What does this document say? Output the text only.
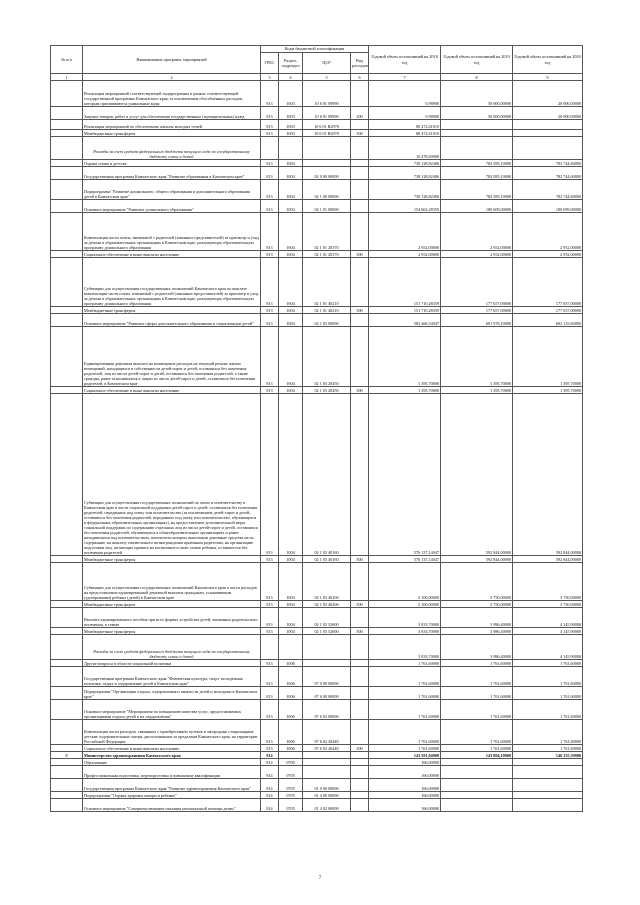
№ п/п	Наименование программ, мероприятий	Коды бюджетной классификации				Годовой объем ассигнований на 2018 год	Годовой объем ассигнований на 2019 год	Годовой объем ассигнований на 2020 год
		ГРБС	Раздел, подраздел	ЦСР	Вид расходов			
1	2	3	4	5	6	7	8	9
	Реализация мероприятий соответствующей подпрограммы в рамках соответствующей государственной программы Камчатского края, за исключением обособленных расходов, которым присваиваются уникальные коды	813	1003	10 6 01 09990		0,98900	50 000,00000	20 000,00000
	Закупка товаров, работ и услуг для обеспечения государственных (муниципальных) нужд	813	1003	10 6 01 09990	200	0,98900	50 000,00000	20 000,00000
	Реализация мероприятий по обеспечению жильем молодых семей	813	1003	10 6 01 R4970		88 472,61010		
	Межбюджетные трансферты	813	1003	10 6 01 R4970	500	88 472,61010		
	Расходы за счет средств федерального бюджета текущего года по государственному бюджету семьи и детей					16 478,60000		
	Охрана семьи и детства	813	1004			738 128,82406	782 585,10000	782 744,60000
	Государственная программа Камчатского края "Развитие образования в Камчатском крае"	813	1004	02 0 00 00000		738 128,82406	782 585,10000	782 744,60000
	Подпрограмма "Развитие дошкольного, общего образования и дополнительного образования детей в Камчатском крае"	813	1004	02 1 00 00000		738 128,82406	782 585,10000	782 744,60000
	Основное мероприятие "Развитие дошкольного образования"	813	1004	02 1 01 00000		154 662,28359	180 609,00000	180 699,00000
	Компенсация части платы, взимаемой с родителей (законных представителей) за присмотр и уход за детьми в образовательных организациях в Камчатском крае, реализующих образовательную программу дошкольного образования	813	1004	02 1 01 20370		2 952,00000	2 952,00000	2 952,00000
	Социальное обеспечение и иные выплаты населению	813	1004	02 1 01 20370	300	2 952,00000	2 952,00000	2 952,00000
	Субвенции для осуществления государственных полномочий Камчатского края по выплате компенсации части платы, взимаемой с родителей (законных представителей) за присмотр и уход за детьми в образовательных организациях в Камчатском крае, реализующих образовательную программу дошкольного образования	813	1004	02 1 01 40210		151 710,28359	177 657,00000	177 657,00000
	Межбюджетные трансферты	813	1004	02 1 01 40210	500	151 710,28359	177 657,00000	177 657,00000
	Основное мероприятие "Развитие сферы дополнительного образования и социализации детей"	813	1004	02 1 03 00000		583 466,54047	601 976,10000	602 135,60000
	Единовременная денежная выплата на возмещение расходов на текущий ремонт жилых помещений, находящихся в собственности детей-сирот и детей, оставшихся без попечения родителей, лиц из числа детей-сирот и детей, оставшихся без попечения родителей, а также граждан, ранее относившихся к лицам из числа детей-сирот и детей, оставшихся без попечения родителей, в Камчатском крае	813	1004	02 1 03 20450		1 395,70000	1 395,70000	1 395,70000
	Социальное обеспечение и иные выплаты населению	813	1004	02 1 03 20450	300	1 395,70000	1 395,70000	1 395,70000
	Субвенции для осуществления государственных полномочий по опеке и попечительству в Камчатском крае в части социальной поддержки детей-сирот и детей, оставшихся без попечения родителей, переданных под опеку или попечительство (за исключением детей-сирот и детей, оставшихся без попечения родителей, переданных под опеку или попечительство, обучающихся в федеральных образовательных организациях), на предоставление дополнительной меры социальной поддержки по содержанию отдельных лиц из числа детей-сирот и детей, оставшихся без попечения родителей, обучающихся в общеобразовательных организациях и ранее находившихся под попечительством, попечители которых выполняли денежные средства на их содержание, на выплату ежемесячного вознаграждения приемным родителям, на организацию подготовки лиц, желающих принять на воспитание в свою семью ребенка, оставшегося без попечения родителей	813	1004	02 1 03 40160		576 137,14047	592 844,00000	592 844,00000
	Межбюджетные трансферты	813	1004	02 1 03 40160	500	576 137,14047	592 844,00000	592 844,00000
	Субвенции для осуществления государственных полномочий Камчатского края в части расходов на предоставление единовременной денежной выплаты гражданам, усыновившим (удочерившим) ребенка (детей) в Камчатском крае	813	1004	02 1 03 40200		2 100,00000	3 750,00000	3 750,00000
	Межбюджетные трансферты	813	1004	02 1 03 40200	500	2 100,00000	3 750,00000	3 750,00000
	Выплата единовременного пособия при всех формах устройства детей, лишенных родительского попечения, в семью	813	1004	02 1 03 52600		3 833,70000	3 986,40000	4 145,90000
	Межбюджетные трансферты	813	1004	02 1 03 52600	500	3 833,70000	3 986,40000	4 145,90000
	Расходы за счет средств федерального бюджета текущего года по государственному бюджету семьи и детей					3 833,70000	3 986,40000	4 145,90000
	Другие вопросы в области социальной политики	813	1006			1 761,60000	1 761,60000	1 761,60000
	Государственная программа Камчатского края "Физическая культура, спорт, молодежная политика, отдых и оздоровление детей в Камчатском крае"	813	1006	07 0 00 00000		1 761,60000	1 761,60000	1 761,60000
	Подпрограмма "Организация отдыха, оздоровления и занятости детей и молодежи в Камчатском крае"	813	1006	07 6 00 00000		1 761,60000	1 761,60000	1 761,60000
	Основное мероприятие "Мероприятия по повышению качества услуг, предоставляемых организациями отдыха детей и их оздоровления"	813	1006	07 6 02 00000		1 761,60000	1 761,60000	1 761,60000
	Компенсация части расходов, связанных с приобретением путевок в загородные стационарные детские оздоровительные лагеря, расположенные за пределами Камчатского края, на территории Российской Федерации	813	1006	07 6 02 20440		1 761,60000	1 761,60000	1 761,60000
	Социальное обеспечение и иные выплаты населению	813	1006	07 6 02 20440	300	1 761,60000	1 761,60000	1 761,60000
5	Министерство здравоохранения Камчатского края	814				143 501,94000	143 804,10000	146 235,39000
	Образование	814	0700			166,00000		
	Профессиональная подготовка, переподготовка и повышение квалификации	814	0705			166,00000		
	Государственная программа Камчатского края "Развитие здравоохранения Камчатского края"	814	0705	01 0 00 00000		166,00000		
	Подпрограмма "Охрана здоровья матери и ребенка"	814	0705	01 4 00 00000		166,00000		
	Основное мероприятие "Совершенствование оказания неонатальной помощи детям"	814	0705	01 4 02 00000		166,00000		
7
